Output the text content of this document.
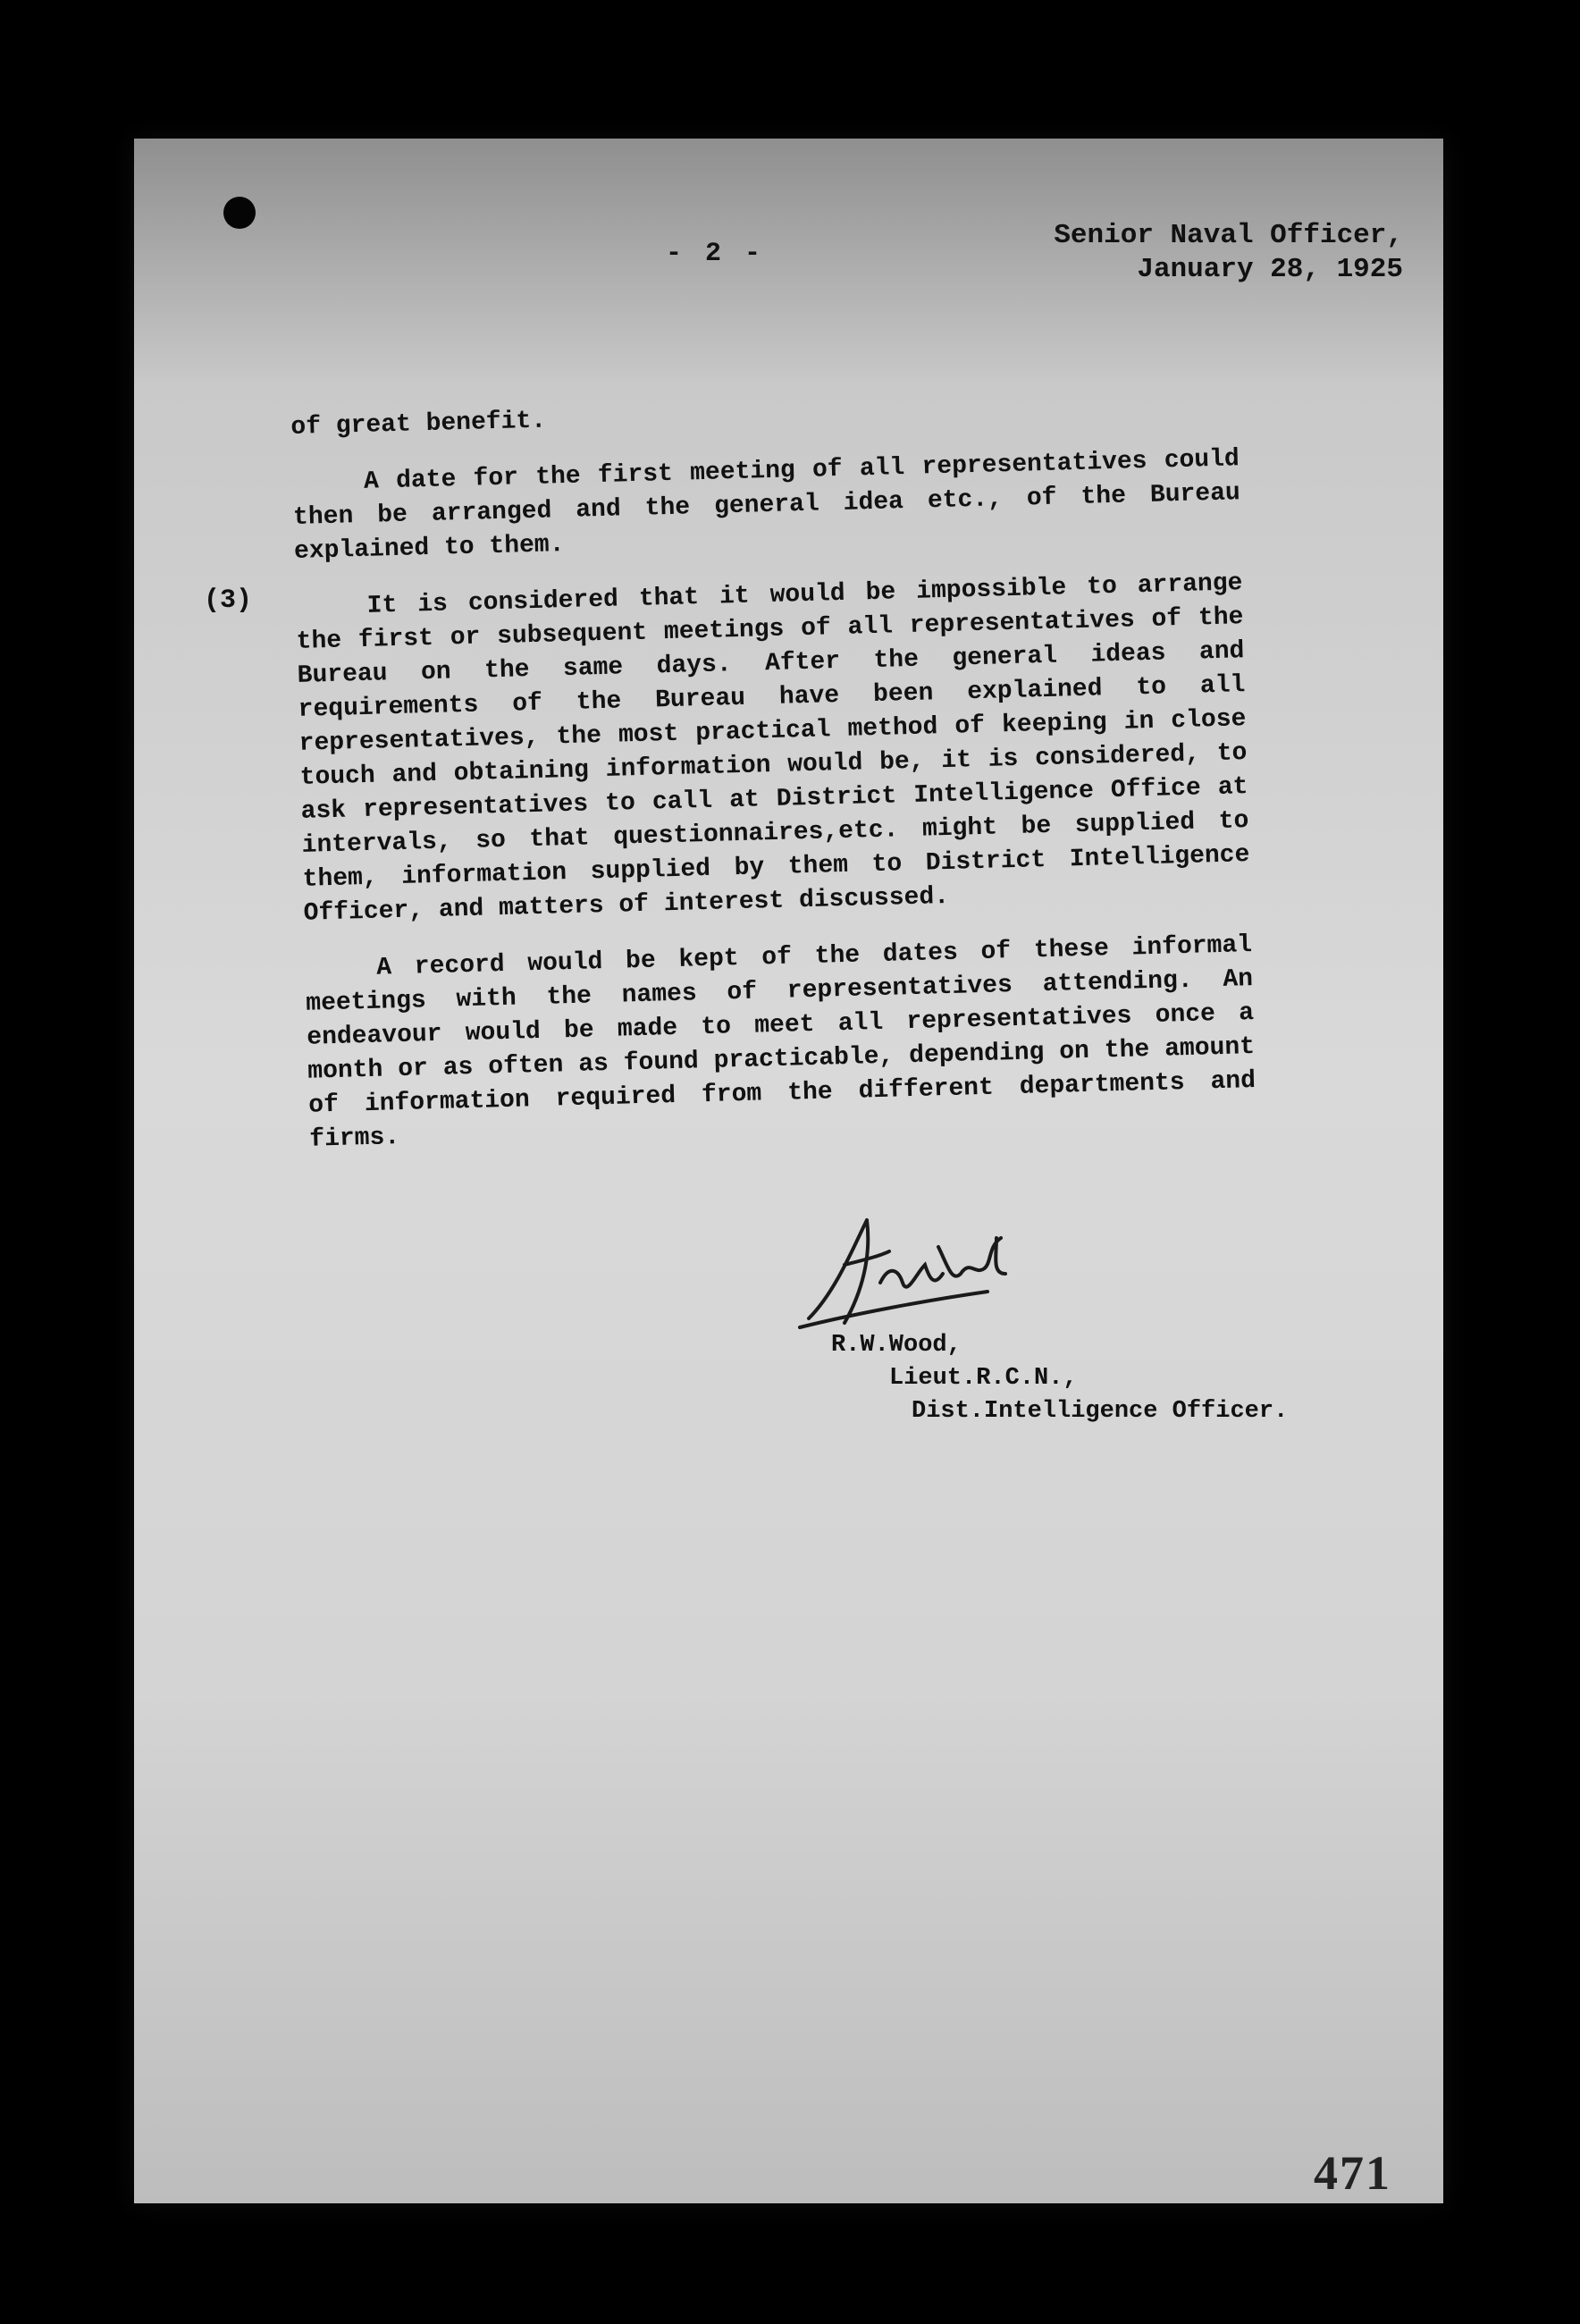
- 2 -
Senior Naval Officer,
January 28, 1925
(3)

of great benefit.

A date for the first meeting of all representatives could then be arranged and the general idea etc., of the Bureau explained to them.

It is considered that it would be impossible to arrange the first or subsequent meetings of all representatives of the Bureau on the same days. After the general ideas and requirements of the Bureau have been explained to all representatives, the most practical method of keeping in close touch and obtaining information would be, it is considered, to ask representatives to call at District Intelligence Office at intervals, so that questionnaires,etc. might be supplied to them, information supplied by them to District Intelligence Officer, and matters of interest discussed.

A record would be kept of the dates of these informal meetings with the names of representatives attending. An endeavour would be made to meet all representatives once a month or as often as found practicable, depending on the amount of information required from the different departments and firms.

R.W.Wood,
Lieut.R.C.N.,
Dist.Intelligence Officer.
471
